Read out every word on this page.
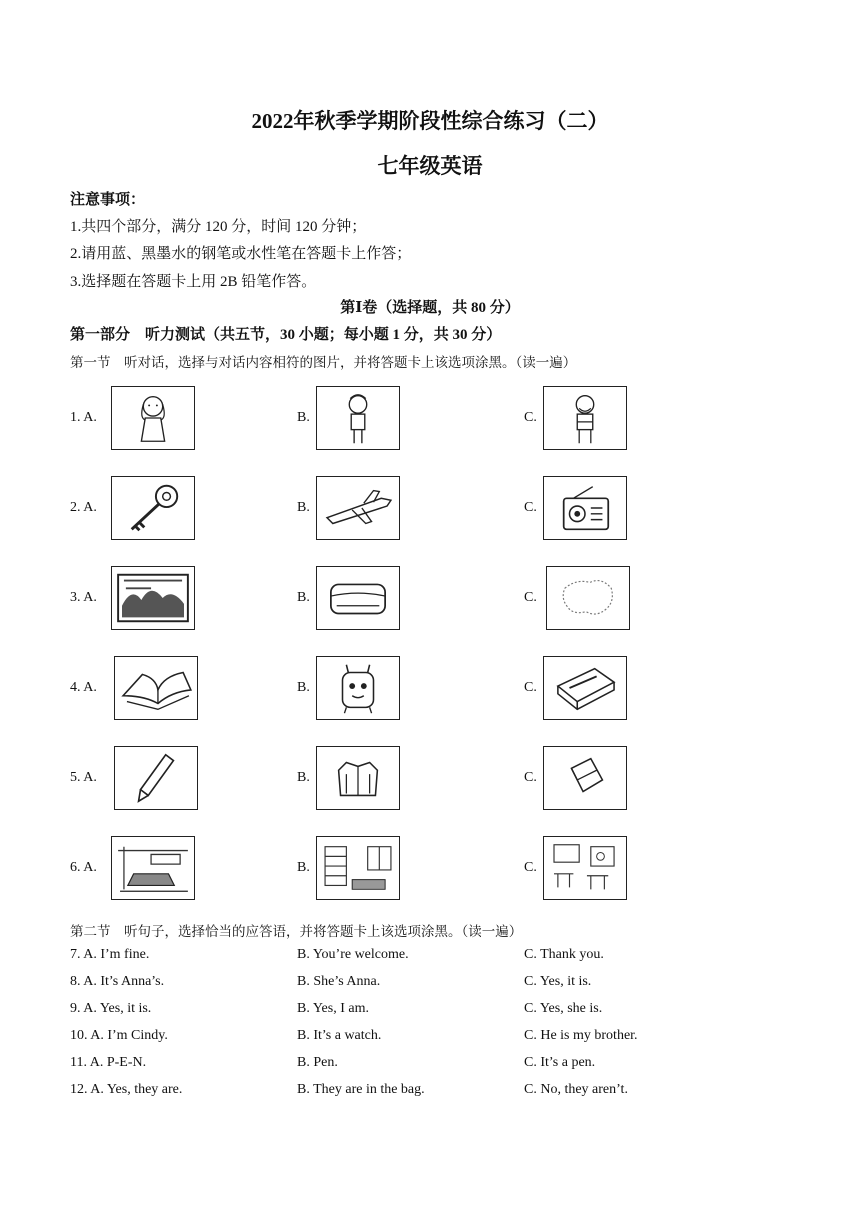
2022年秋季学期阶段性综合练习（二）
七年级英语
注意事项：
1.共四个部分，满分 120 分，时间 120 分钟；
2.请用蓝、黑墨水的钢笔或水性笔在答题卡上作答；
3.选择题在答题卡上用 2B 铅笔作答。
第Ⅰ卷（选择题，共 80 分）
第一部分　听力测试（共五节，30 小题；每小题 1 分，共 30 分）
第一节　听对话，选择与对话内容相符的图片，并将答题卡上该选项涂黑。（读一遍）
1. A.	B.	C.
2. A.	B.	C.
3. A.	B.	C.
4. A.	B.	C.
5. A.	B.	C.
6. A.	B.	C.
第二节　听句子，选择恰当的应答语，并将答题卡上该选项涂黑。（读一遍）
7. A. I’m fine.	B. You’re welcome.	C. Thank you.
8. A. It’s Anna’s.	B. She’s Anna.	C. Yes, it is.
9. A. Yes, it is.	B. Yes, I am.	C. Yes, she is.
10. A. I’m Cindy.	B. It’s a watch.	C. He is my brother.
11. A. P-E-N.	B. Pen.	C. It’s a pen.
12. A. Yes, they are.	B. They are in the bag.	C. No, they aren’t.
